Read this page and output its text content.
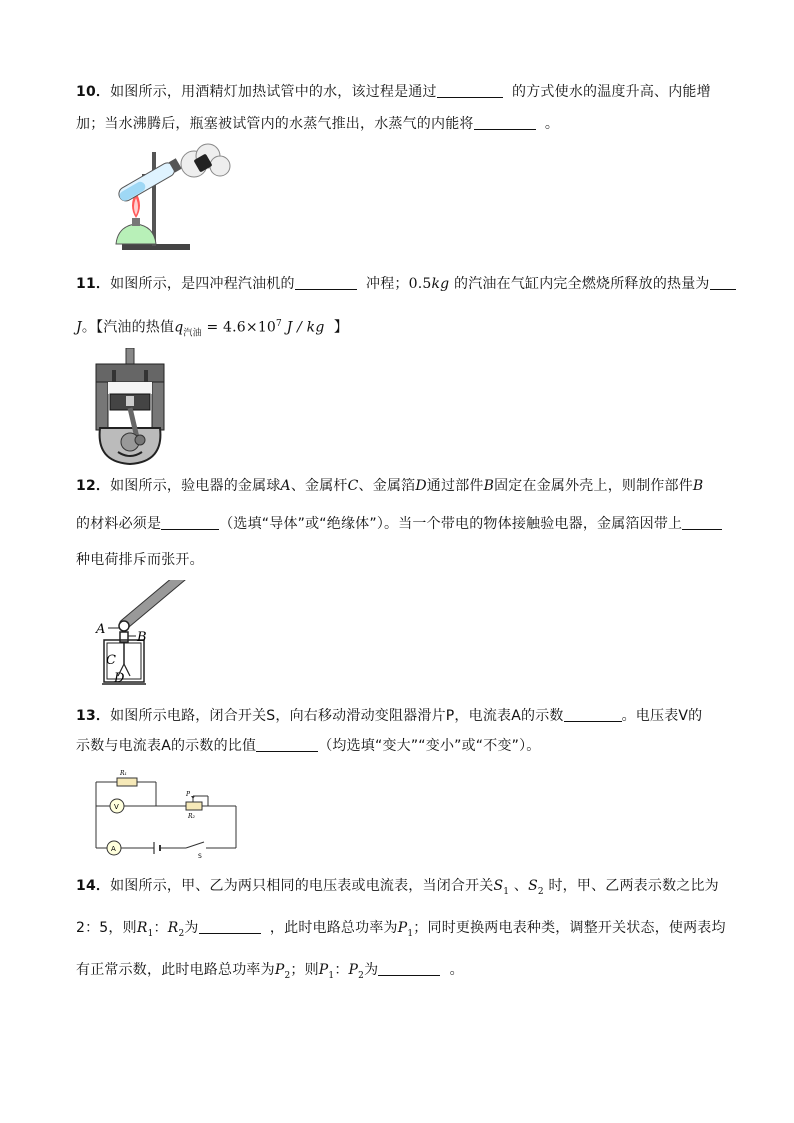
10．如图所示，用酒精灯加热试管中的水，该过程是通过	的方式使水的温度升高、内能增
加；当水沸腾后，瓶塞被试管内的水蒸气推出，水蒸气的内能将	。
11．如图所示，是四冲程汽油机的	冲程；0.5kg 的汽油在气缸内完全燃烧所释放的热量为
J。【汽油的热值$q_{汽油} = 4.6\times 10^7$ J / kg 】
12．如图所示，验电器的金属球A、金属杆C、金属箔D通过部件B固定在金属外壳上，则制作部件B
的材料必须是	（选填“导体”或“绝缘体”）。当一个带电的物体接触验电器，金属箔因带上
种电荷排斥而张开。
A
B
C
D
13．如图所示电路，闭合开关S，向右移动滑动变阻器滑片P，电流表A的示数	。电压表V的
示数与电流表A的示数的比值	（均选填“变大”“变小”或“不变”）。
R₁
R₂
P
V
A
S
14．如图所示，甲、乙为两只相同的电压表或电流表，当闭合开关$S_1$ 、$S_2$ 时，甲、乙两表示数之比为
2：5，则$R_1$：$R_2$为	，此时电路总功率为$P_1$；同时更换两电表种类，调整开关状态，使两表均
有正常示数，此时电路总功率为$P_2$；则$P_1$：$P_2$为	。
